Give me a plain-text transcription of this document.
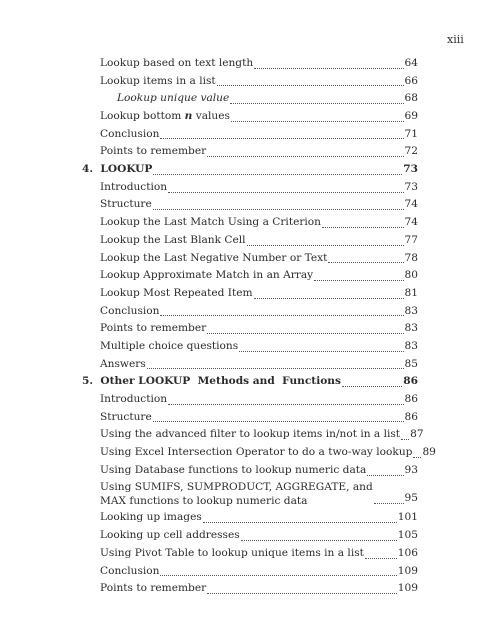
xiii
Lookup based on text length	64
Lookup items in a list	66
Lookup unique value	68
Lookup bottom n values	69
Conclusion	71
Points to remember	72
4.  LOOKUP	73
Introduction	73
Structure	74
Lookup the Last Match Using a Criterion	74
Lookup the Last Blank Cell	77
Lookup the Last Negative Number or Text	78
Lookup Approximate Match in an Array	80
Lookup Most Repeated Item	81
Conclusion	83
Points to remember	83
Multiple choice questions	83
Answers	85
5.  Other LOOKUP  Methods and  Functions	86
Introduction	86
Structure	86
Using the advanced filter to lookup items in/not in a list 87
Using Excel Intersection Operator to do a two-way lookup 89
Using Database functions to lookup numeric data	93
Using SUMIFS, SUMPRODUCT, AGGREGATE, and
MAX functions to lookup numeric data	95
Looking up images	101
Looking up cell addresses	105
Using Pivot Table to lookup unique items in a list	106
Conclusion	109
Points to remember	109
